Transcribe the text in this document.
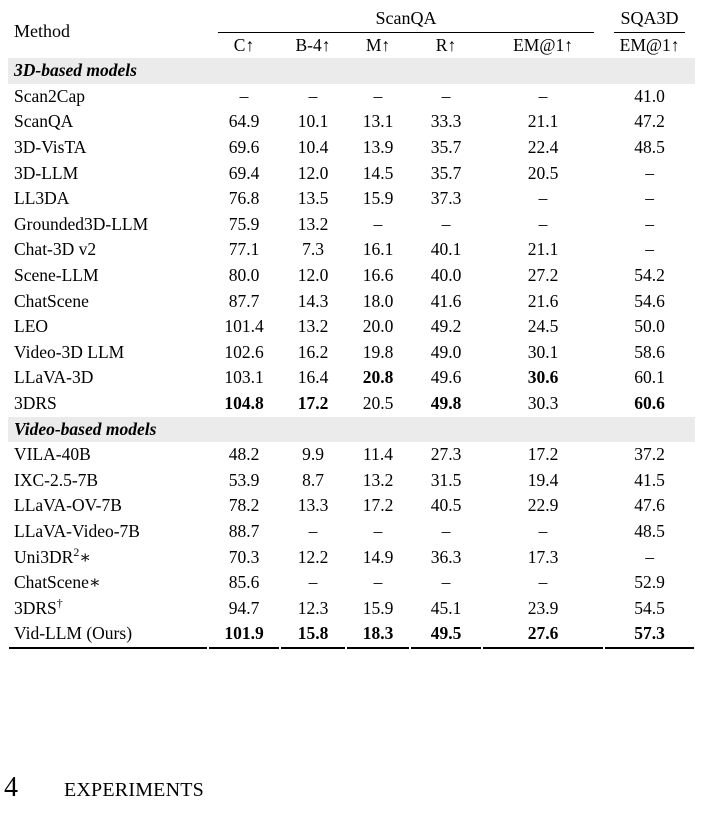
Method	ScanQA					SQA3D

	C↑	B-4↑	M↑	R↑	EM@1↑	EM@1↑
3D-based models						
Scan2Cap	–	–	–	–	–	41.0
ScanQA	64.9	10.1	13.1	33.3	21.1	47.2
3D-VisTA	69.6	10.4	13.9	35.7	22.4	48.5
3D-LLM	69.4	12.0	14.5	35.7	20.5	–
LL3DA	76.8	13.5	15.9	37.3	–	–
Grounded3D-LLM	75.9	13.2	–	–	–	–
Chat-3D v2	77.1	7.3	16.1	40.1	21.1	–
Scene-LLM	80.0	12.0	16.6	40.0	27.2	54.2
ChatScene	87.7	14.3	18.0	41.6	21.6	54.6
LEO	101.4	13.2	20.0	49.2	24.5	50.0
Video-3D LLM	102.6	16.2	19.8	49.0	30.1	58.6
LLaVA-3D	103.1	16.4	20.8	49.6	30.6	60.1
3DRS	104.8	17.2	20.5	49.8	30.3	60.6
Video-based models						
VILA-40B	48.2	9.9	11.4	27.3	17.2	37.2
IXC-2.5-7B	53.9	8.7	13.2	31.5	19.4	41.5
LLaVA-OV-7B	78.2	13.3	17.2	40.5	22.9	47.6
LLaVA-Video-7B	88.7	–	–	–	–	48.5
$Uni3DR^2∗$	70.3	12.2	14.9	36.3	17.3	–
ChatScene∗	85.6	–	–	–	–	52.9
3DRS†	94.7	12.3	15.9	45.1	23.9	54.5
Vid-LLM (Ours)	101.9	15.8	18.3	49.5	27.6	57.3
4 experiments
